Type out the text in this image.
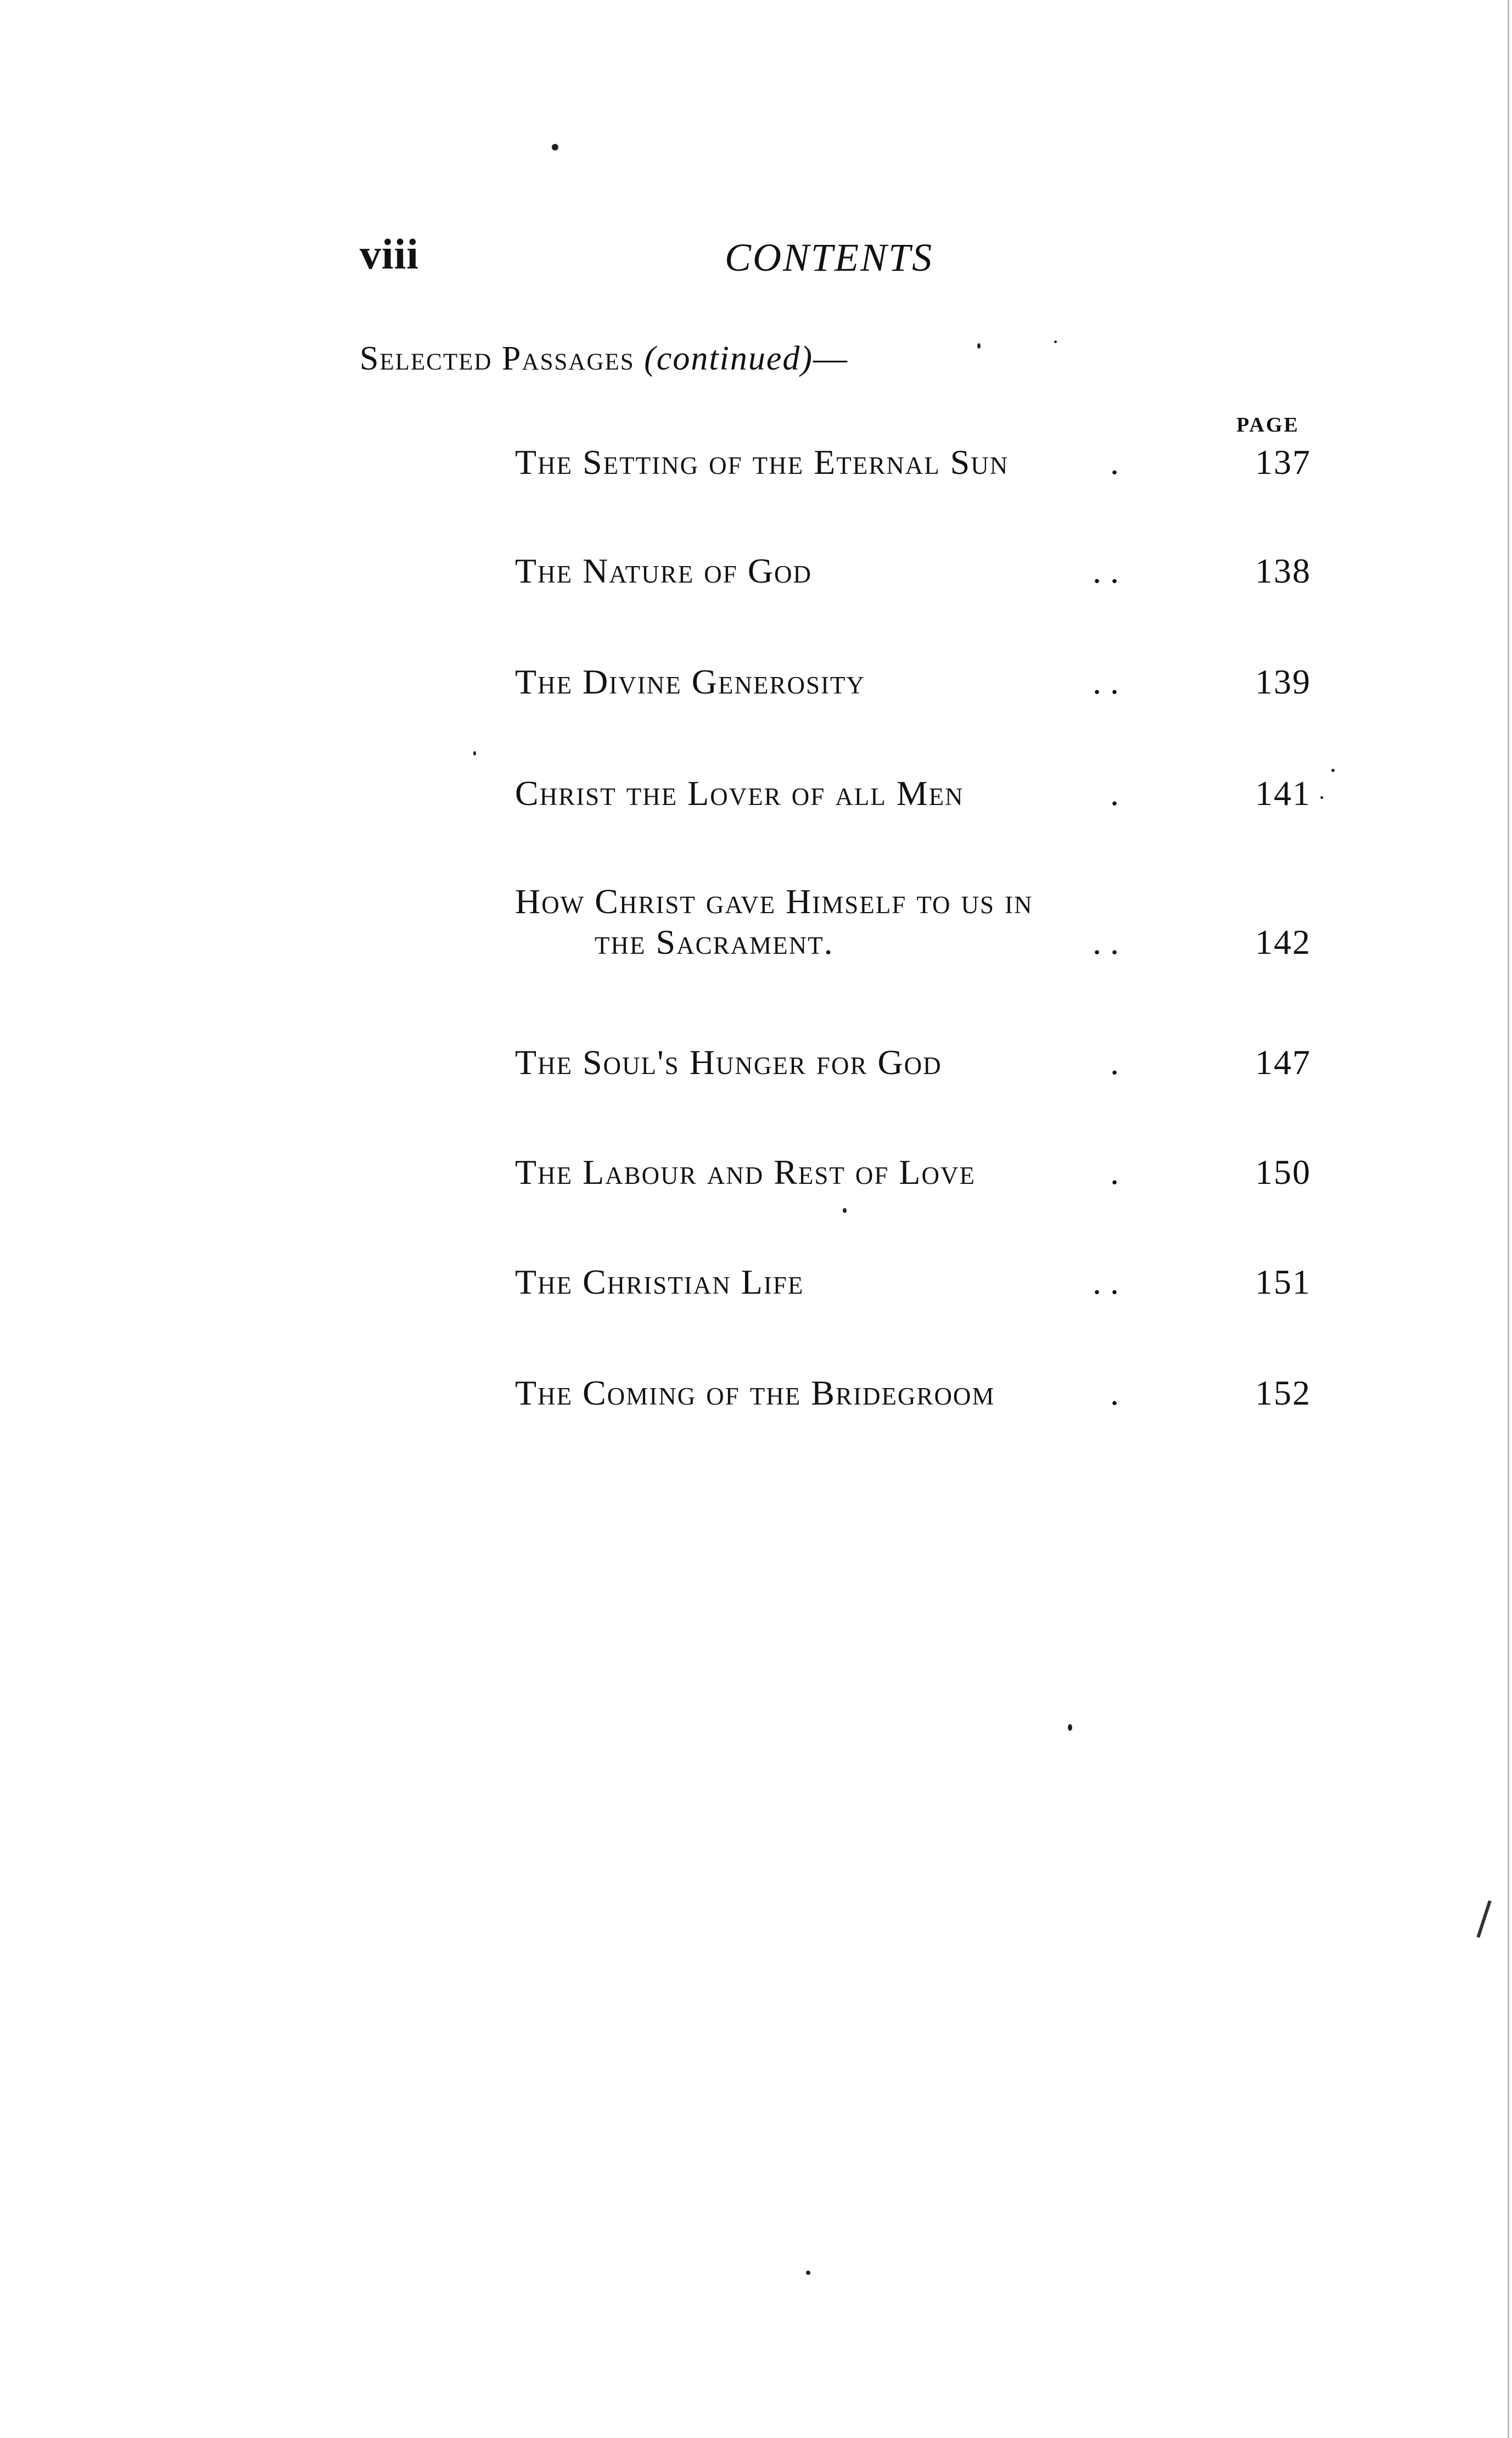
viii	CONTENTS
Selected Passages (continued)—
PAGE
The Setting of the Eternal Sun	.	137
The Nature of God	. .	138
The Divine Generosity	. .	139
Christ the Lover of all Men	.	141
How Christ gave Himself to us in
the Sacrament.	. .	142
The Soul's Hunger for God	.	147
The Labour and Rest of Love	.	150
The Christian Life	. .	151
The Coming of the Bridegroom	.	152
